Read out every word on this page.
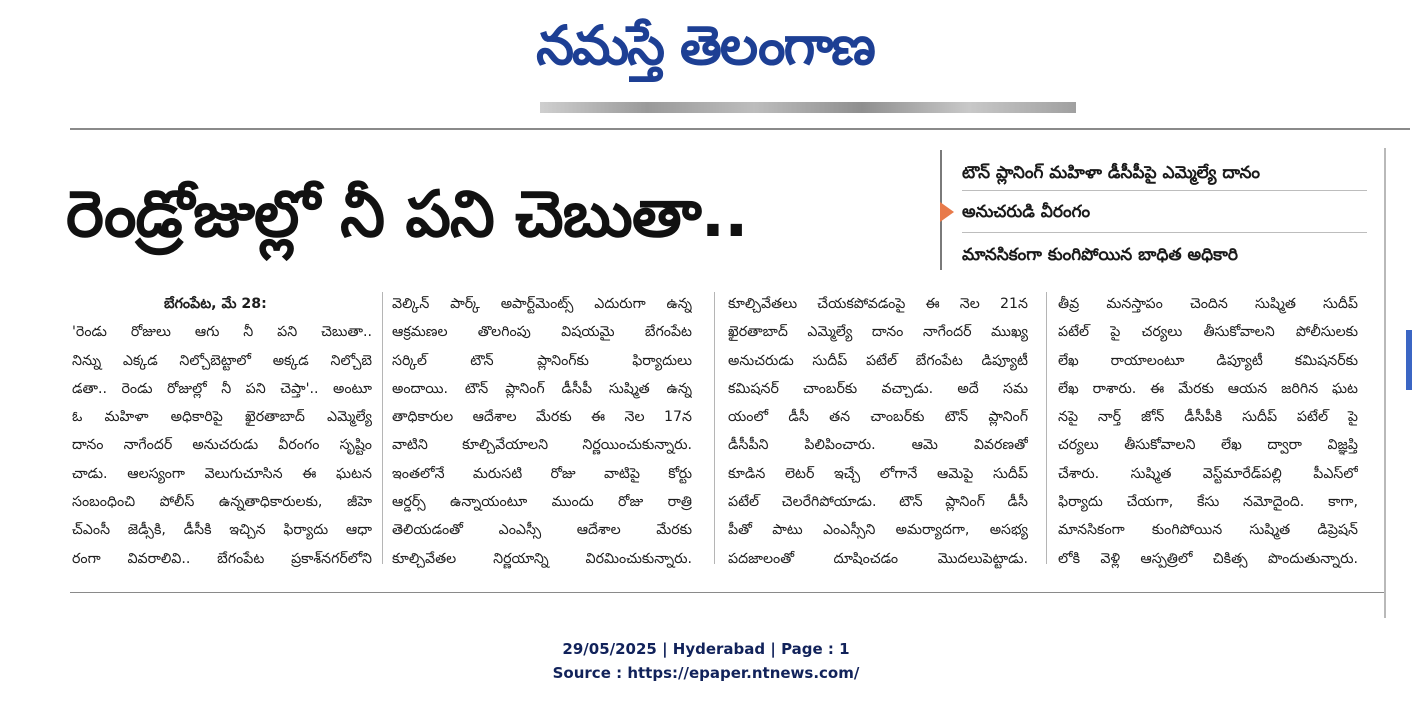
నమస్తే తెలంగాణ
రెండ్రోజుల్లో నీ పని చెబుతా..
టౌన్ ప్లానింగ్ మహిళా డీసీపీపై ఎమ్మెల్యే దానం
అనుచరుడి వీరంగం
మానసికంగా కుంగిపోయిన బాధిత అధికారి
బేగంపేట, మే 28:
'రెండు రోజులు ఆగు నీ పని చెబుతా..
నిన్ను ఎక్కడ నిల్చోబెట్టాలో అక్కడ నిల్చోబె
డతా.. రెండు రోజుల్లో నీ పని చెప్తా'.. అంటూ
ఓ మహిళా అధికారిపై ఖైరతాబాద్ ఎమ్మెల్యే
దానం నాగేందర్ అనుచరుడు వీరంగం సృష్టిం
చాడు. ఆలస్యంగా వెలుగుచూసిన ఈ ఘటన
సంబంధించి పోలీస్ ఉన్నతాధికారులకు, జీహె
చ్ఎంసీ జెడ్సీకి, డీసీకి ఇచ్చిన ఫిర్యాదు ఆధా
రంగా వివరాలివి.. బేగంపేట ప్రకాశ్‌నగర్‌లోని
వెల్కిన్ పార్క్ అపార్ట్‌మెంట్స్ ఎదురుగా ఉన్న
ఆక్రమణల తొలగింపు విషయమై బేగంపేట
సర్కిల్ టౌన్ ప్లానింగ్‌కు ఫిర్యాదులు
అందాయి. టౌన్ ప్లానింగ్ డీసీపీ సుష్మిత ఉన్న
తాధికారుల ఆదేశాల మేరకు ఈ నెల 17న
వాటిని కూల్చివేయాలని నిర్ణయించుకున్నారు.
ఇంతలోనే మరుసటి రోజు వాటిపై కోర్టు
ఆర్డర్స్ ఉన్నాయంటూ ముందు రోజు రాత్రి
తెలియడంతో ఎంఎస్సీ ఆదేశాల మేరకు
కూల్చివేతల నిర్ణయాన్ని విరమించుకున్నారు.
కూల్చివేతలు చేయకపోవడంపై ఈ నెల 21న
ఖైరతాబాద్ ఎమ్మెల్యే దానం నాగేందర్ ముఖ్య
అనుచరుడు సుదీప్ పటేల్ బేగంపేట డిప్యూటీ
కమిషనర్ చాంబర్‌కు వచ్చాడు. అదే సమ
యంలో డీసీ తన చాంబర్‌కు టౌన్ ప్లానింగ్
డీసీపీని పిలిపించారు. ఆమె వివరణతో
కూడిన లెటర్ ఇచ్చే లోగానే ఆమెపై సుదీప్
పటేల్ చెలరేగిపోయాడు. టౌన్ ప్లానింగ్ డీసీ
పీతో పాటు ఎంఎస్సీని అమర్యాదగా, అసభ్య
పదజాలంతో దూషించడం మొదలుపెట్టాడు.
తీవ్ర మనస్తాపం చెందిన సుష్మిత సుదీప్
పటేల్ పై చర్యలు తీసుకోవాలని పోలీసులకు
లేఖ రాయాలంటూ డిప్యూటీ కమిషనర్‌కు
లేఖ రాశారు. ఈ మేరకు ఆయన జరిగిన ఘట
నపై నార్త్ జోన్ డీసీపీకి సుదీప్ పటేల్ పై
చర్యలు తీసుకోవాలని లేఖ ద్వారా విజ్ఞప్తి
చేశారు. సుష్మిత వెస్ట్‌మారేడ్‌పల్లి పీఎస్‌లో
ఫిర్యాదు చేయగా, కేసు నమోదైంది. కాగా,
మానసికంగా కుంగిపోయిన సుష్మిత డిప్రెషన్
లోకి వెళ్లి ఆస్పత్రిలో చికిత్స పొందుతున్నారు.
29/05/2025 | Hyderabad | Page : 1
Source : https://epaper.ntnews.com/
